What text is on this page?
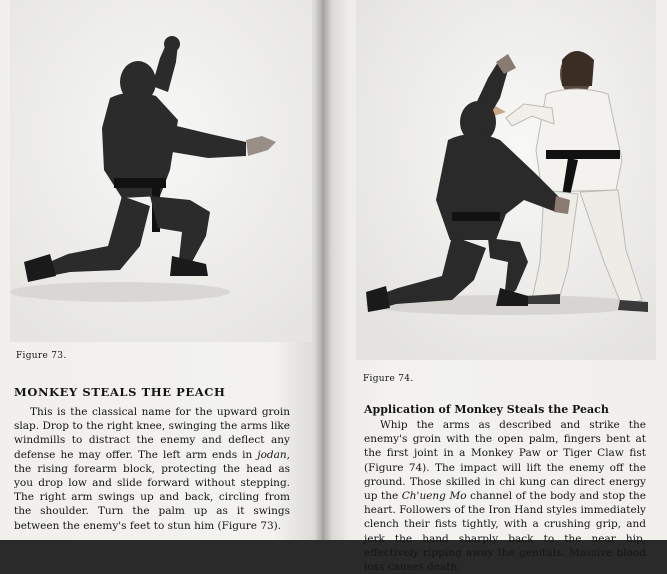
Figure 73.
MONKEY STEALS THE PEACH

This is the classical name for the upward groin slap. Drop to the right knee, swinging the arms like windmills to distract the enemy and deflect any defense he may offer. The left arm ends in jodan, the rising forearm block, protecting the head as you drop low and slide forward without stepping. The right arm swings up and back, circling from the shoulder. Turn the palm up as it swings between the enemy's feet to stun him (Figure 73).

Figure 74.
Application of Monkey Steals the Peach

Whip the arms as described and strike the enemy's groin with the open palm, fingers bent at the first joint in a Monkey Paw or Tiger Claw fist (Figure 74). The impact will lift the enemy off the ground. Those skilled in chi kung can direct energy up the Ch'ueng Mo channel of the body and stop the heart. Followers of the Iron Hand styles immediately clench their fists tightly, with a crushing grip, and jerk the hand sharply back to the near hip, effectively ripping away the genitals. Massive blood loss causes death.
